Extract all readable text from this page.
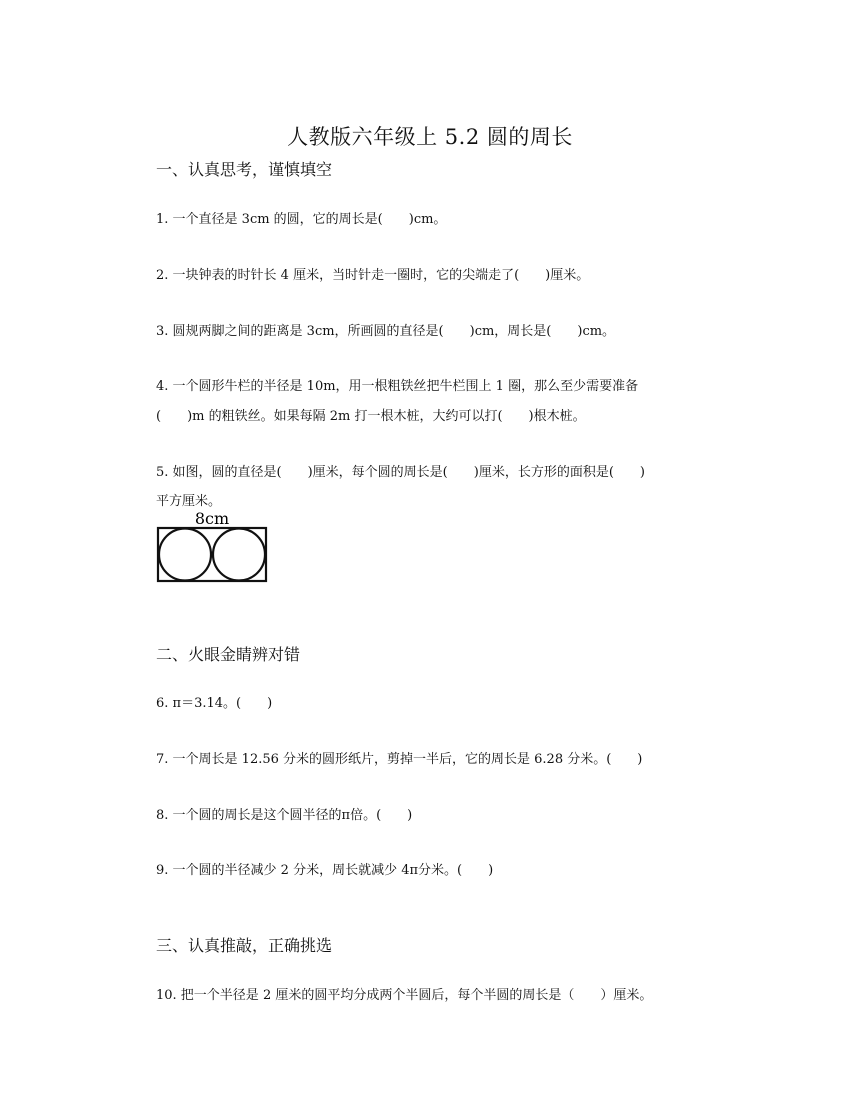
人教版六年级上 5.2 圆的周长
一、认真思考，谨慎填空
1. 一个直径是 3cm 的圆，它的周长是(　　)cm。
2. 一块钟表的时针长 4 厘米，当时针走一圈时，它的尖端走了(　　)厘米。
3. 圆规两脚之间的距离是 3cm，所画圆的直径是(　　)cm，周长是(　　)cm。
4. 一个圆形牛栏的半径是 10m，用一根粗铁丝把牛栏围上 1 圈，那么至少需要准备
(　　)m 的粗铁丝。如果每隔 2m 打一根木桩，大约可以打(　　)根木桩。
5. 如图，圆的直径是(　　)厘米，每个圆的周长是(　　)厘米，长方形的面积是(　　)
平方厘米。
8cm
二、火眼金睛辨对错
6. π＝3.14。(　　)
7. 一个周长是 12.56 分米的圆形纸片，剪掉一半后，它的周长是 6.28 分米。(　　)
8. 一个圆的周长是这个圆半径的π倍。(　　)
9. 一个圆的半径减少 2 分米，周长就减少 4π分米。(　　)
三、认真推敲，正确挑选
10. 把一个半径是 2 厘米的圆平均分成两个半圆后，每个半圆的周长是（　　）厘米。
